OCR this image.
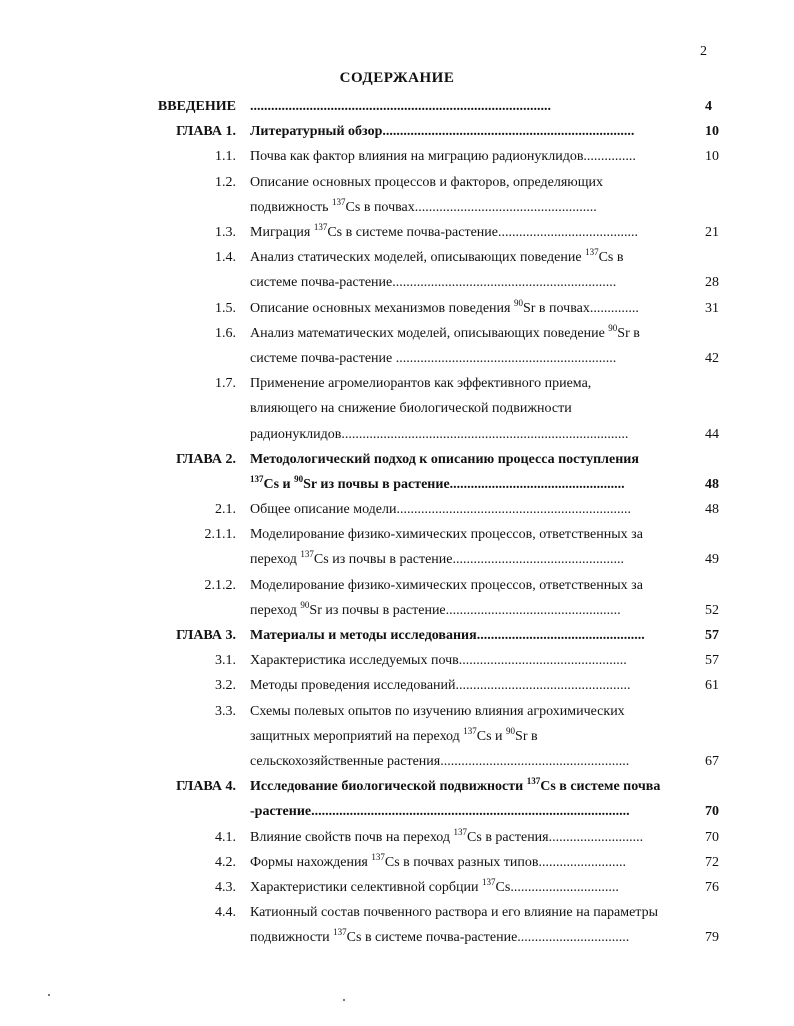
2
СОДЕРЖАНИЕ
ВВЕДЕНИЕ ......................................................................................	4
ГЛАВА 1. Литературный обзор........................................................................	10
1.1. Почва как фактор влияния на миграцию радионуклидов...............	10
1.2. Описание основных процессов и факторов, определяющих
подвижность $^{137}$Cs в почвах....................................................
1.3. Миграция $^{137}$Cs в системе почва-растение........................................	21
1.4. Анализ статических моделей, описывающих поведение $^{137}$Cs в
системе почва-растение................................................................	28
1.5. Описание основных механизмов поведения $^{90}$Sr в почвах..............	31
1.6. Анализ математических моделей, описывающих поведение $^{90}$Sr в
системе почва-растение ...............................................................	42
1.7. Применение агромелиорантов как эффективного приема,
влияющего на снижение биологической подвижности
радионуклидов..................................................................................	44
ГЛАВА 2. Методологический подход к описанию процесса поступления
$^{137}$Cs и $^{90}$Sr из почвы в растение..................................................	48
2.1. Общее описание модели...................................................................	48
2.1.1. Моделирование физико-химических процессов, ответственных за
переход $^{137}$Cs из почвы в растение.................................................	49
2.1.2. Моделирование физико-химических процессов, ответственных за
переход $^{90}$Sr из почвы в растение..................................................	52
ГЛАВА 3. Материалы и методы исследования................................................	57
3.1. Характеристика исследуемых почв................................................	57
3.2. Методы проведения исследований..................................................	61
3.3. Схемы полевых опытов по изучению влияния агрохимических
защитных мероприятий на переход $^{137}$Cs и $^{90}$Sr в
сельскохозяйственные растения......................................................	67
ГЛАВА 4. Исследование биологической подвижности $^{137}$Cs в системе почва
-растение...........................................................................................	70
4.1. Влияние свойств почв на переход $^{137}$Cs в растения...........................	70
4.2. Формы нахождения $^{137}$Cs в почвах разных типов.........................	72
4.3. Характеристики селективной сорбции $^{137}$Cs...............................	76
4.4. Катионный состав почвенного раствора и его влияние на параметры
подвижности $^{137}$Cs в системе почва-растение................................	79
